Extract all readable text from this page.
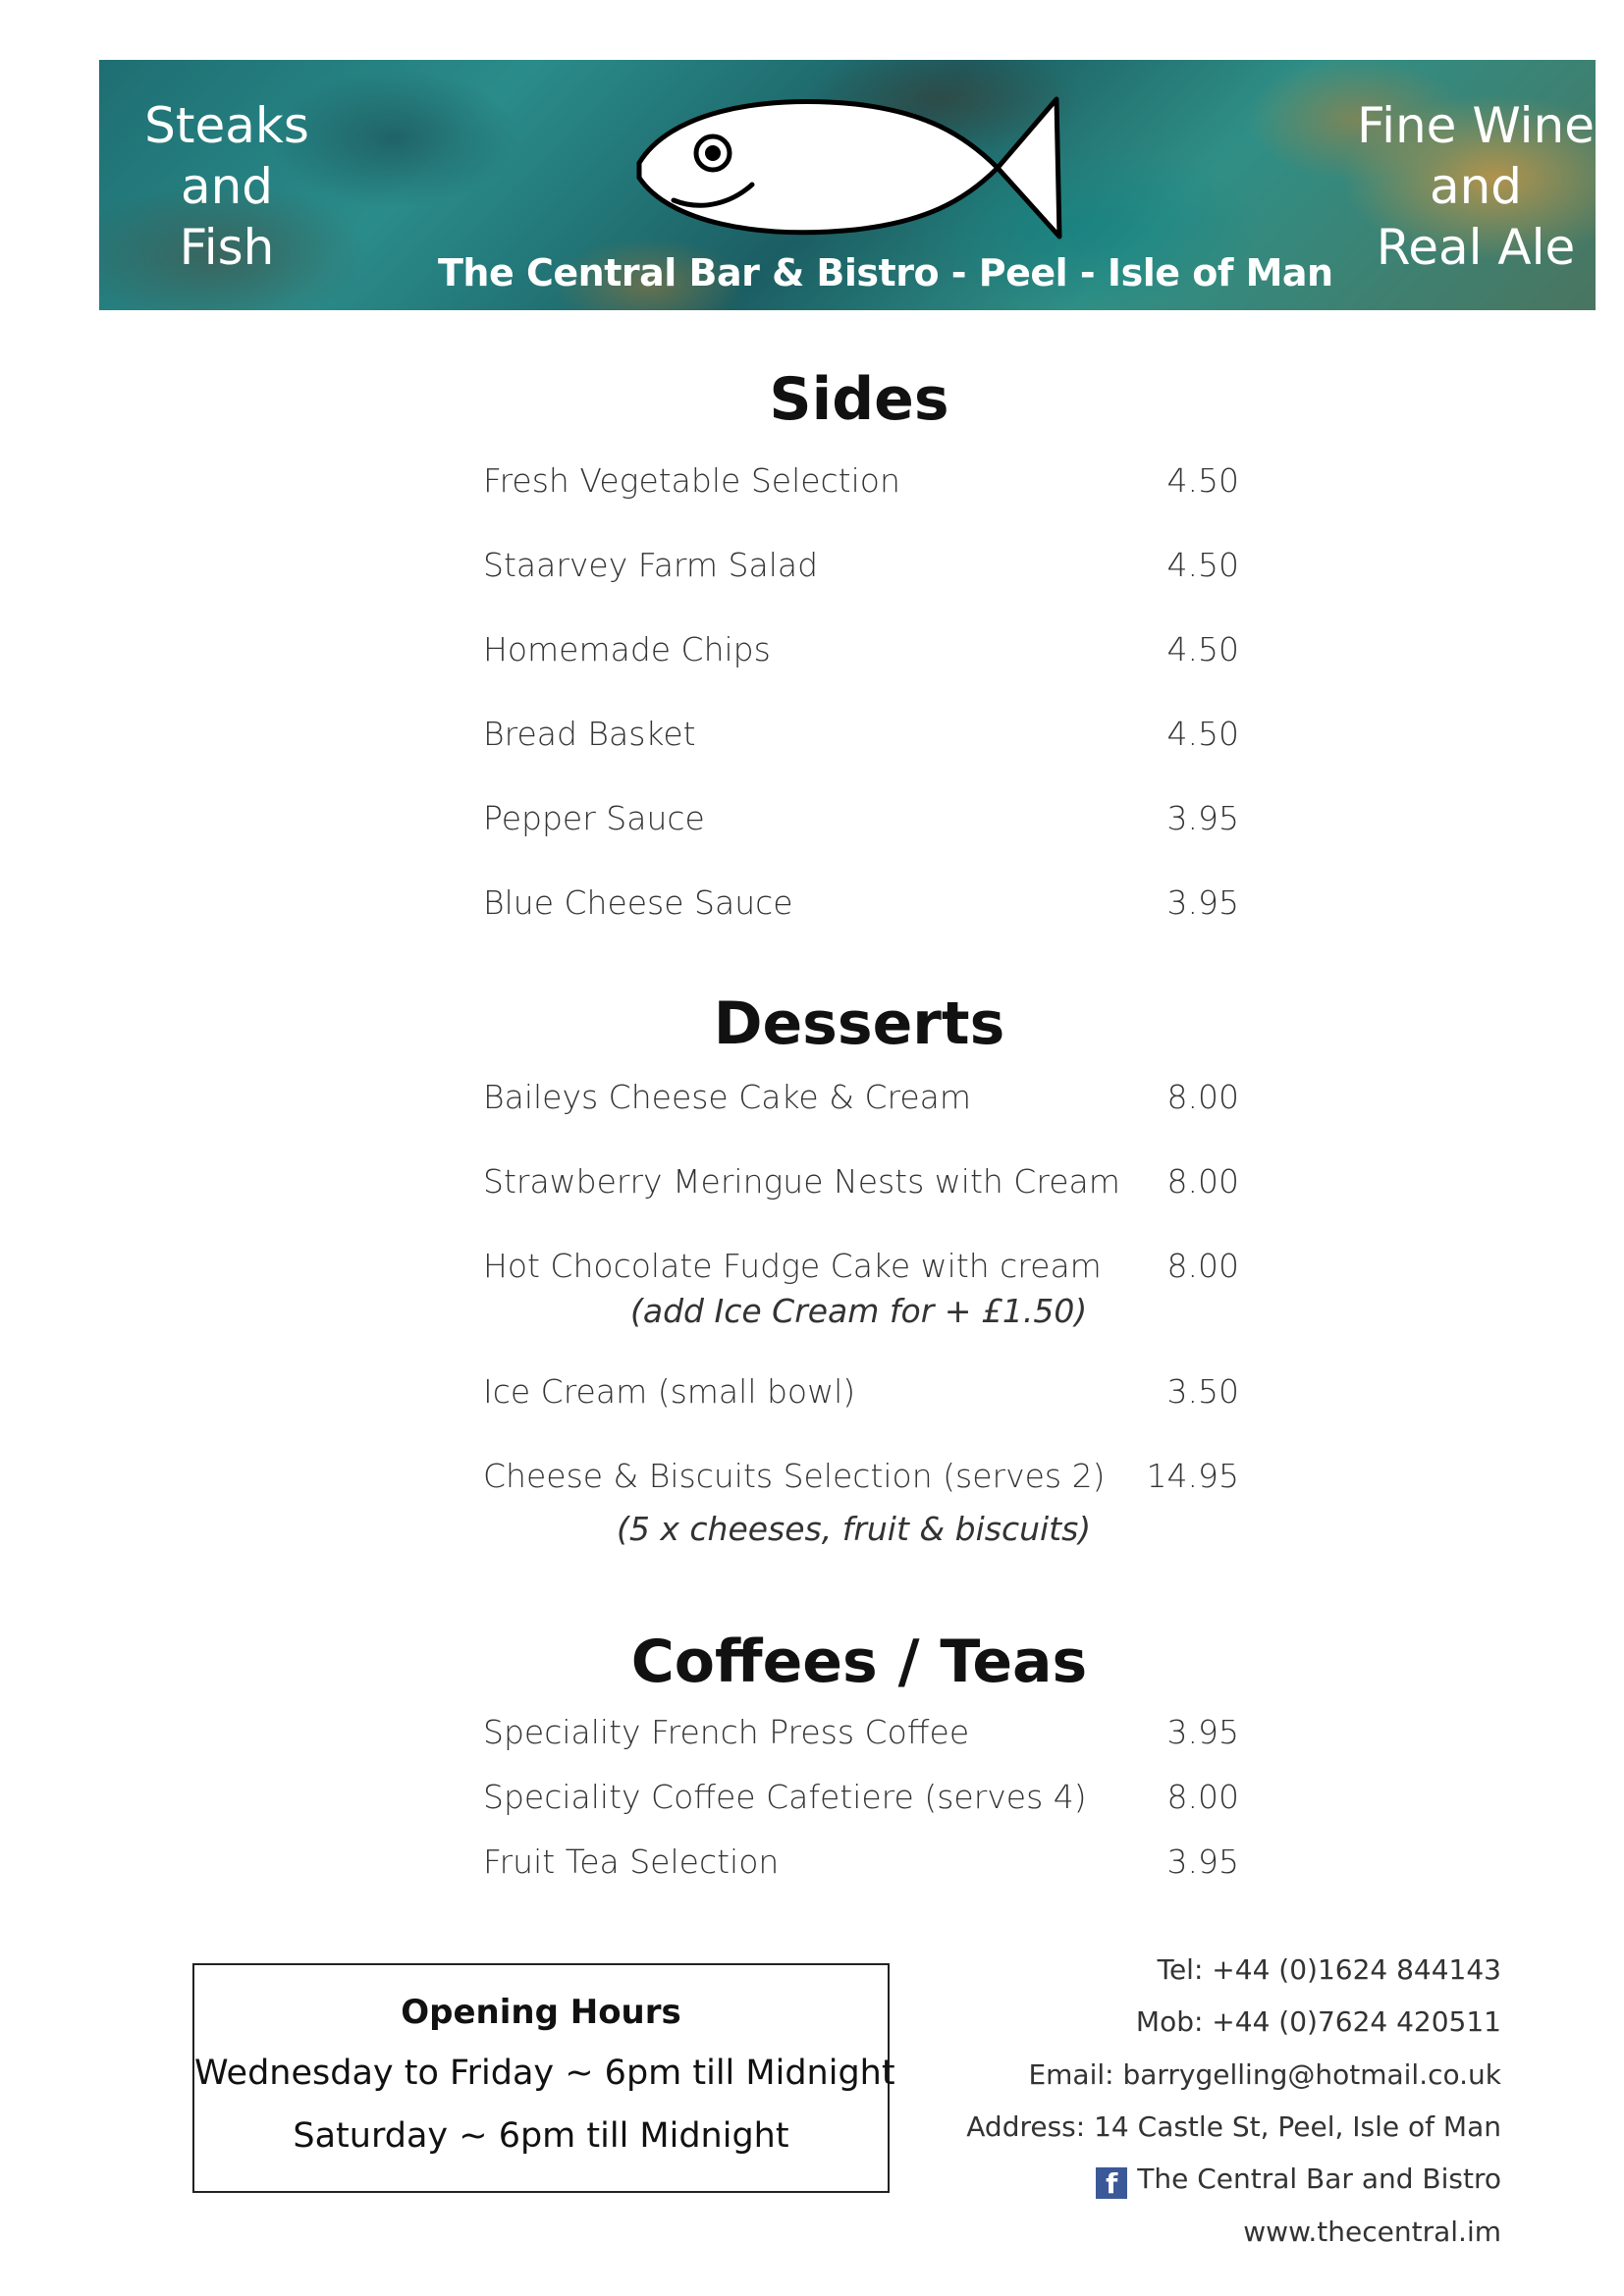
Steaks
and
Fish	The Central Bar & Bistro - Peel - Isle of Man
Fine Wine
and
Real Ale
Sides
Fresh Vegetable Selection	4.50
Staarvey Farm Salad	4.50
Homemade Chips	4.50
Bread Basket	4.50
Pepper Sauce	3.95
Blue Cheese Sauce	3.95
Desserts
Baileys Cheese Cake & Cream	8.00
Strawberry Meringue Nests with Cream 8.00
Hot Chocolate Fudge Cake with cream 8.00
(add Ice Cream for + £1.50)
Ice Cream (small bowl)	3.50
Cheese & Biscuits Selection (serves 2) 14.95
(5 x cheeses, fruit & biscuits)
Coffees / Teas
Speciality French Press Coffee	3.95
Speciality Coffee Cafetiere (serves 4) 8.00
Fruit Tea Selection	3.95
Opening Hours
Wednesday to Friday ~ 6pm till Midnight
Saturday ~ 6pm till Midnight
Tel: +44 (0)1624 844143
Mob: +44 (0)7624 420511
Email: barrygelling@hotmail.co.uk
Address: 14 Castle St, Peel, Isle of Man
f The Central Bar and Bistro
www.thecentral.im
